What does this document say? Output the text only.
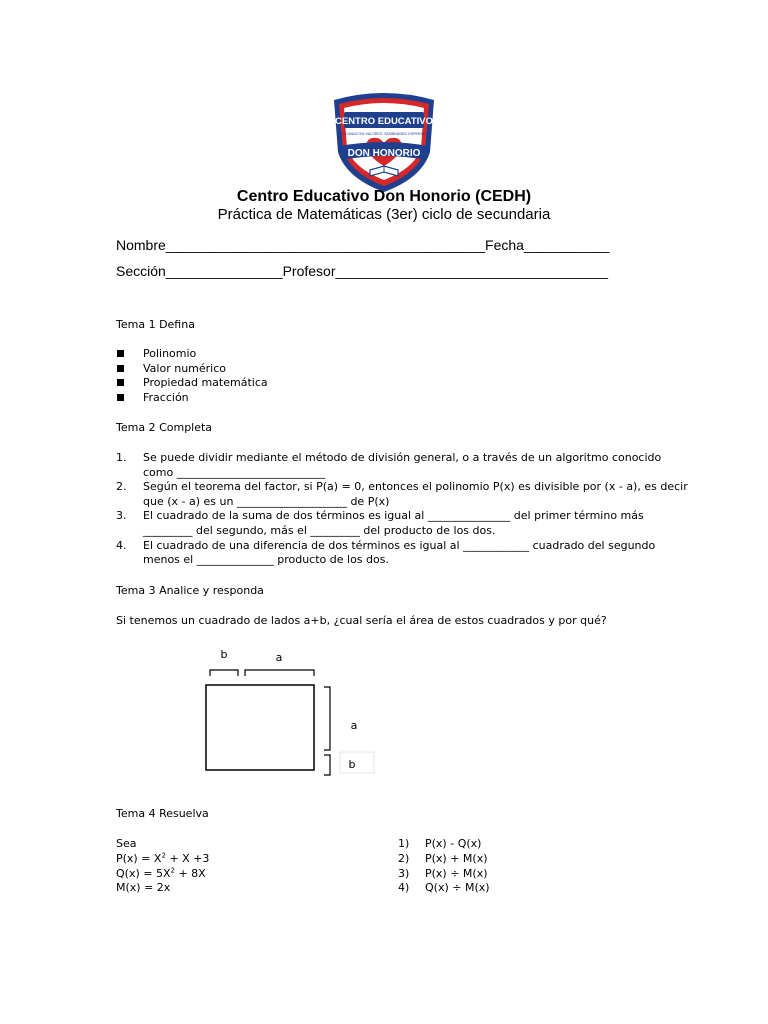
CENTRO EDUCATIVO
EDUCANDO EN VALORES, SEMBRANDO ESPERANZA
DON HONORIO
Centro Educativo Don Honorio (CEDH)
Práctica de Matemáticas (3er) ciclo de secundaria
Nombre_________________________________________Fecha___________
Sección_______________Profesor___________________________________
Tema 1 Defina
Polinomio
Valor numérico
Propiedad matemática
Fracción
Tema 2 Completa
1. Se puede dividir mediante el método de división general, o a través de un algoritmo conocido
como ___________________________
2. Según el teorema del factor, si P(a) = 0, entonces el polinomio P(x) es divisible por (x - a), es decir
que (x - a) es un ____________________ de P(x)
3. El cuadrado de la suma de dos términos es igual al _______________ del primer término más
_________ del segundo, más el _________ del producto de los dos.
4. El cuadrado de una diferencia de dos términos es igual al ____________ cuadrado del segundo
menos el ______________ producto de los dos.
Tema 3 Analice y responda
Si tenemos un cuadrado de lados a+b, ¿cual sería el área de estos cuadrados y por qué?
b	a
a
b
Tema 4 Resuelva
Sea
$P(x) = X^2 + X +3$
$Q(x) = 5X^2 + 8X$
M(x) = 2x
1) P(x) - Q(x)
2) P(x) + M(x)
3) P(x) ÷ M(x)
4) Q(x) ÷ M(x)
